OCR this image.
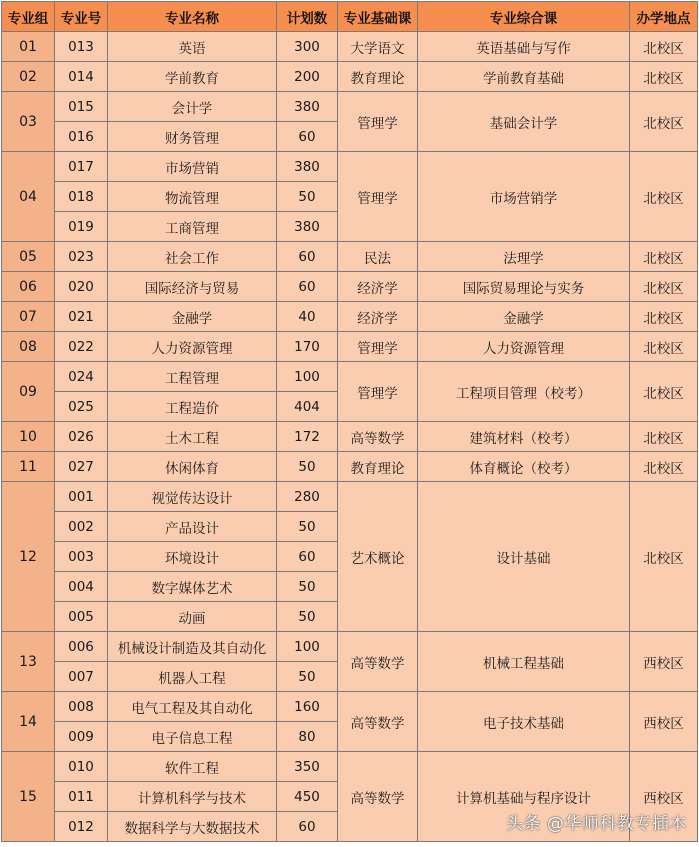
专业组	专业号	专业名称	计划数	专业基础课	专业综合课	办学地点
01	013	英语	300	大学语文	英语基础与写作	北校区
02	014	学前教育	200	教育理论	学前教育基础	北校区
03	015	会计学	380	管理学	基础会计学	北校区
	016	财务管理	60			
04	017	市场营销	380	管理学	市场营销学	北校区
	018	物流管理	50			
	019	工商管理	380			
05	023	社会工作	60	民法	法理学	北校区
06	020	国际经济与贸易	60	经济学	国际贸易理论与实务	北校区
07	021	金融学	40	经济学	金融学	北校区
08	022	人力资源管理	170	管理学	人力资源管理	北校区
09	024	工程管理	100	管理学	工程项目管理（校考）	北校区
	025	工程造价	404			
10	026	土木工程	172	高等数学	建筑材料（校考）	北校区
11	027	休闲体育	50	教育理论	体育概论（校考）	北校区
12	001	视觉传达设计	280	艺术概论	设计基础	北校区
	002	产品设计	50			
	003	环境设计	60			
	004	数字媒体艺术	50			
	005	动画	50			
13	006	机械设计制造及其自动化	100	高等数学	机械工程基础	西校区
	007	机器人工程	50			
14	008	电气工程及其自动化	160	高等数学	电子技术基础	西校区
	009	电子信息工程	80			
15	010	软件工程	350	高等数学	计算机基础与程序设计	西校区
	011	计算机科学与技术	450			
	012	数据科学与大数据技术	60				头条 @华师科教专插本
